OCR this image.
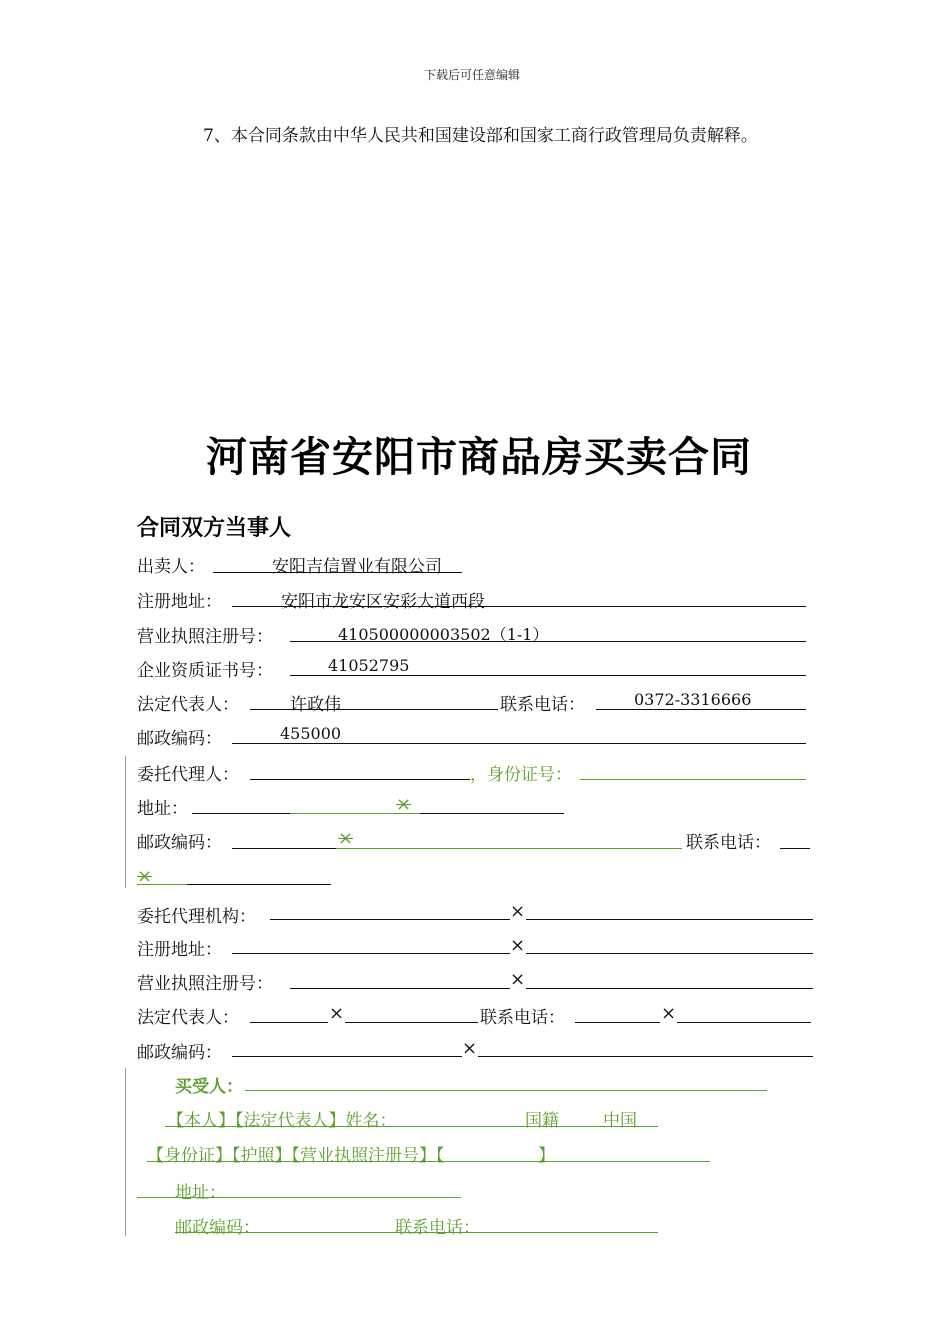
下载后可任意编辑
7、本合同条款由中华人民共和国建设部和国家工商行政管理局负责解释。
河南省安阳市商品房买卖合同
合同双方当事人
出卖人：	安阳吉信置业有限公司
注册地址：	安阳市龙安区安彩大道西段
营业执照注册号：	410500000003502（1-1）
企业资质证书号：	41052795
法定代表人：	许政伟	联系电话：	0372-3316666
邮政编码：	455000
委托代理人：	，身份证号：
地址：	×
邮政编码：	×	联系电话：
×
委托代理机构：	×
注册地址：	×
营业执照注册号：	×
法定代表人：	×	联系电话：	×
邮政编码：	×
买受人：
【本人】【法定代表人】姓名：	国籍	中国
【身份证】【护照】【营业执照注册号】【	】
地址：
邮政编码：	联系电话：
